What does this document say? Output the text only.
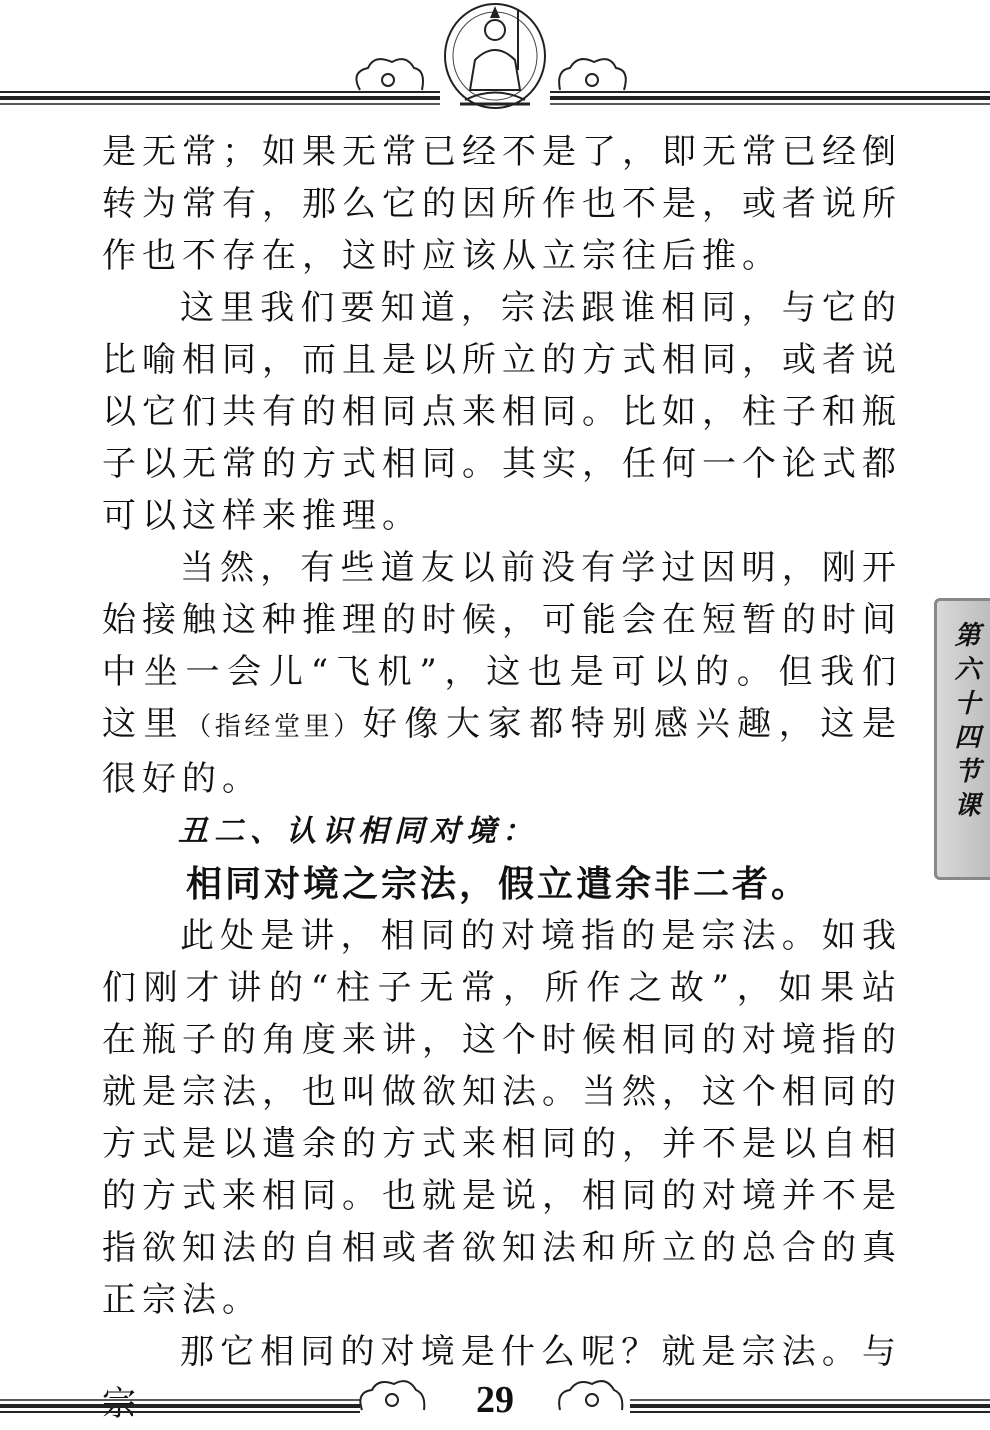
是无常；如果无常已经不是了，即无常已经倒转为常有，那么它的因所作也不是，或者说所作也不存在，这时应该从立宗往后推。

这里我们要知道，宗法跟谁相同，与它的比喻相同，而且是以所立的方式相同，或者说以它们共有的相同点来相同。比如，柱子和瓶子以无常的方式相同。其实，任何一个论式都可以这样来推理。

当然，有些道友以前没有学过因明，刚开始接触这种推理的时候，可能会在短暂的时间中坐一会儿“飞机”，这也是可以的。但我们这里（指经堂里）好像大家都特别感兴趣，这是很好的。

丑二、认识相同对境：
相同对境之宗法，假立遣余非二者。

此处是讲，相同的对境指的是宗法。如我们刚才讲的“柱子无常，所作之故”，如果站在瓶子的角度来讲，这个时候相同的对境指的就是宗法，也叫做欲知法。当然，这个相同的方式是以遣余的方式来相同的，并不是以自相的方式来相同。也就是说，相同的对境并不是指欲知法的自相或者欲知法和所立的总合的真正宗法。

那它相同的对境是什么呢？就是宗法。与宗

第六十四节课
29
